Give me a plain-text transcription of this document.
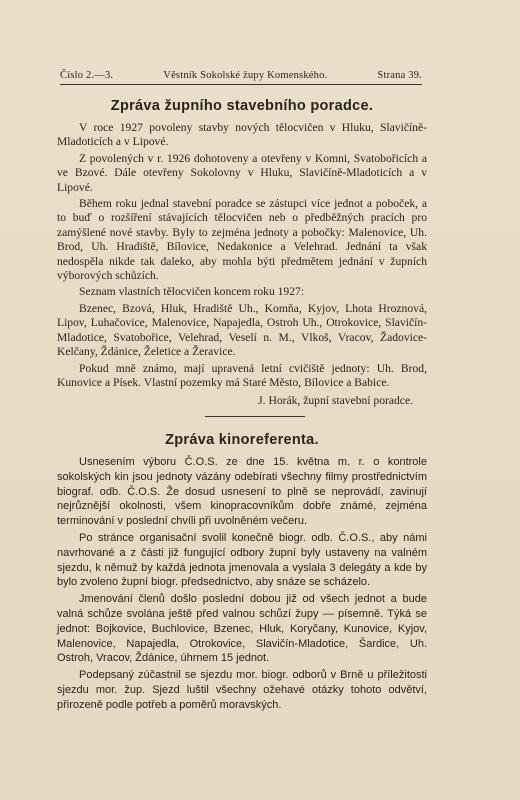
Číslo 2.—3.	Věstník Sokolské župy Komenského.	Strana 39.
Zpráva župního stavebního poradce.

V roce 1927 povoleny stavby nových tělocvičen v Hluku, Slavičíně-Mladoticích a v Lipové.

Z povolených v r. 1926 dohotoveny a otevřeny v Komni, Svatobořicích a ve Bzové. Dále otevřeny Sokolovny v Hluku, Slavičíně-Mladoticích a v Lipové.

Během roku jednal stavební poradce se zástupci více jednot a poboček, a to buď o rozšíření stávajících tělocvičen neb o předběžných pracích pro zamýšlené nové stavby. Byly to zejména jednoty a pobočky: Malenovice, Uh. Brod, Uh. Hradiště, Bílovice, Nedakonice a Velehrad. Jednání ta však nedospěla nikde tak daleko, aby mohla býti předmětem jednání v župních výborových schůzích.

Seznam vlastních tělocvičen koncem roku 1927:

Bzenec, Bzová, Hluk, Hradiště Uh., Komňa, Kyjov, Lhota Hroznová, Lipov, Luhačovice, Malenovice, Napajedla, Ostroh Uh., Otrokovice, Slavičín-Mladotice, Svatobořice, Velehrad, Veselí n. M., Vlkoš, Vracov, Žadovice-Kelčany, Ždánice, Želetice a Žeravice.

Pokud mně známo, mají upravená letní cvičiště jednoty: Uh. Brod, Kunovice a Písek. Vlastní pozemky má Staré Město, Bílovice a Babice.

J. Horák, župní stavební poradce.
Zpráva kinoreferenta.

Usnesením výboru Č.O.S. ze dne 15. května m. r. o kontrole sokolských kin jsou jednoty vázány odebírati všechny filmy prostřednictvím biograf. odb. Č.O.S. Že dosud usnesení to plně se neprovádí, zavinují nejrůznější okolnosti, všem kinopracovníkům dobře známé, zejména terminování v poslední chvíli při uvolněném večeru.

Po stránce organisační svolil konečně biogr. odb. Č.O.S., aby námi navrhované a z části již fungující odbory župní byly ustaveny na valném sjezdu, k němuž by každá jednota jmenovala a vyslala 3 delegáty a kde by bylo zvoleno župní biogr. předsednictvo, aby snáze se scházelo.

Jmenování členů došlo poslední dobou již od všech jednot a bude valná schůze svolána ještě před valnou schůzí župy — písemně. Týká se jednot: Bojkovice, Buchlovice, Bzenec, Hluk, Koryčany, Kunovice, Kyjov, Malenovice, Napajedla, Otrokovice, Slavičín-Mladotice, Šardice, Uh. Ostroh, Vracov, Ždánice, úhrnem 15 jednot.

Podepsaný zúčastnil se sjezdu mor. biogr. odborů v Brně u příležitosti sjezdu mor. žup. Sjezd luštil všechny ožehavé otázky tohoto odvětví, přirozeně podle potřeb a poměrů moravských.
